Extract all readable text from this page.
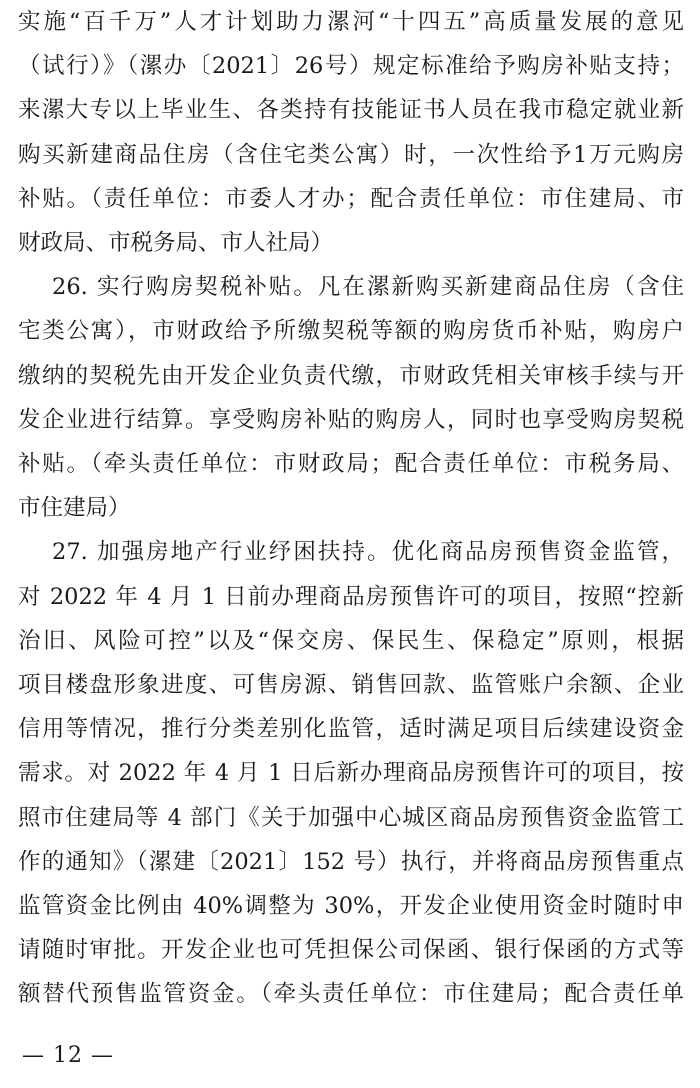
实施“百千万”人才计划助力漯河“十四五”高质量发展的意见
（试行）》（漯办〔2021〕26号）规定标准给予购房补贴支持；
来漯大专以上毕业生、各类持有技能证书人员在我市稳定就业新
购买新建商品住房（含住宅类公寓）时，一次性给予1万元购房
补贴。（责任单位：市委人才办；配合责任单位：市住建局、市
财政局、市税务局、市人社局）
26. 实行购房契税补贴。凡在漯新购买新建商品住房（含住
宅类公寓），市财政给予所缴契税等额的购房货币补贴，购房户
缴纳的契税先由开发企业负责代缴，市财政凭相关审核手续与开
发企业进行结算。享受购房补贴的购房人，同时也享受购房契税
补贴。（牵头责任单位：市财政局；配合责任单位：市税务局、
市住建局）
27. 加强房地产行业纾困扶持。优化商品房预售资金监管，
对 2022 年 4 月 1 日前办理商品房预售许可的项目，按照“控新
治旧、风险可控”以及“保交房、保民生、保稳定”原则，根据
项目楼盘形象进度、可售房源、销售回款、监管账户余额、企业
信用等情况，推行分类差别化监管，适时满足项目后续建设资金
需求。对 2022 年 4 月 1 日后新办理商品房预售许可的项目，按
照市住建局等 4 部门《关于加强中心城区商品房预售资金监管工
作的通知》（漯建〔2021〕152 号）执行，并将商品房预售重点
监管资金比例由 40%调整为 30%，开发企业使用资金时随时申
请随时审批。开发企业也可凭担保公司保函、银行保函的方式等
额替代预售监管资金。（牵头责任单位：市住建局；配合责任单
— 12 —
